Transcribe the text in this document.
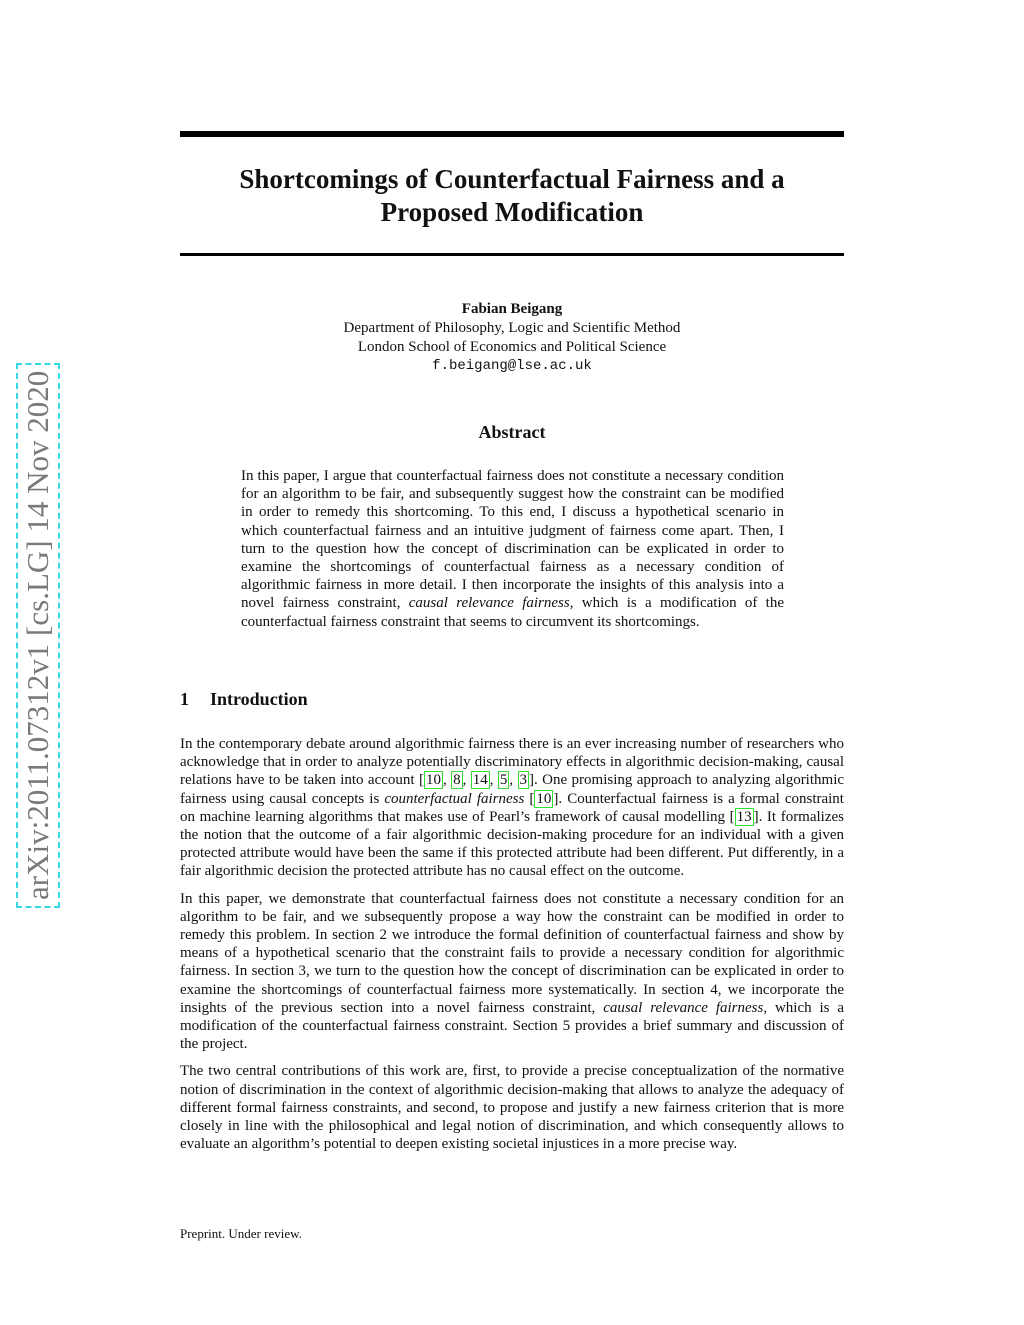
arXiv:2011.07312v1 [cs.LG] 14 Nov 2020
Shortcomings of Counterfactual Fairness and a
Proposed Modification
Fabian Beigang
Department of Philosophy, Logic and Scientific Method
London School of Economics and Political Science
f.beigang@lse.ac.uk
Abstract

In this paper, I argue that counterfactual fairness does not constitute a necessary condition for an algorithm to be fair, and subsequently suggest how the constraint can be modified in order to remedy this shortcoming. To this end, I discuss a hypothetical scenario in which counterfactual fairness and an intuitive judgment of fairness come apart. Then, I turn to the question how the concept of discrimination can be explicated in order to examine the shortcomings of counterfactual fairness as a necessary condition of algorithmic fairness in more detail. I then incorporate the insights of this analysis into a novel fairness constraint, causal relevance fairness, which is a modification of the counterfactual fairness constraint that seems to circumvent its shortcomings.

1 Introduction

In the contemporary debate around algorithmic fairness there is an ever increasing number of researchers who acknowledge that in order to analyze potentially discriminatory effects in algorithmic decision-making, causal relations have to be taken into account [ 10 , 8 , 14 , 5 , 3 ]. One promising approach to analyzing algorithmic fairness using causal concepts is counterfactual fairness [ 10 ]. Counterfactual fairness is a formal constraint on machine learning algorithms that makes use of Pearl’s framework of causal modelling [ 13 ]. It formalizes the notion that the outcome of a fair algorithmic decision-making procedure for an individual with a given protected attribute would have been the same if this protected attribute had been different. Put differently, in a fair algorithmic decision the protected attribute has no causal effect on the outcome.

In this paper, we demonstrate that counterfactual fairness does not constitute a necessary condition for an algorithm to be fair, and we subsequently propose a way how the constraint can be modified in order to remedy this problem. In section 2 we introduce the formal definition of counterfactual fairness and show by means of a hypothetical scenario that the constraint fails to provide a necessary condition for algorithmic fairness. In section 3, we turn to the question how the concept of discrimination can be explicated in order to examine the shortcomings of counterfactual fairness more systematically. In section 4, we incorporate the insights of the previous section into a novel fairness constraint, causal relevance fairness, which is a modification of the counterfactual fairness constraint. Section 5 provides a brief summary and discussion of the project.

The two central contributions of this work are, first, to provide a precise conceptualization of the normative notion of discrimination in the context of algorithmic decision-making that allows to analyze the adequacy of different formal fairness constraints, and second, to propose and justify a new fairness criterion that is more closely in line with the philosophical and legal notion of discrimination, and which consequently allows to evaluate an algorithm’s potential to deepen existing societal injustices in a more precise way.

Preprint. Under review.
